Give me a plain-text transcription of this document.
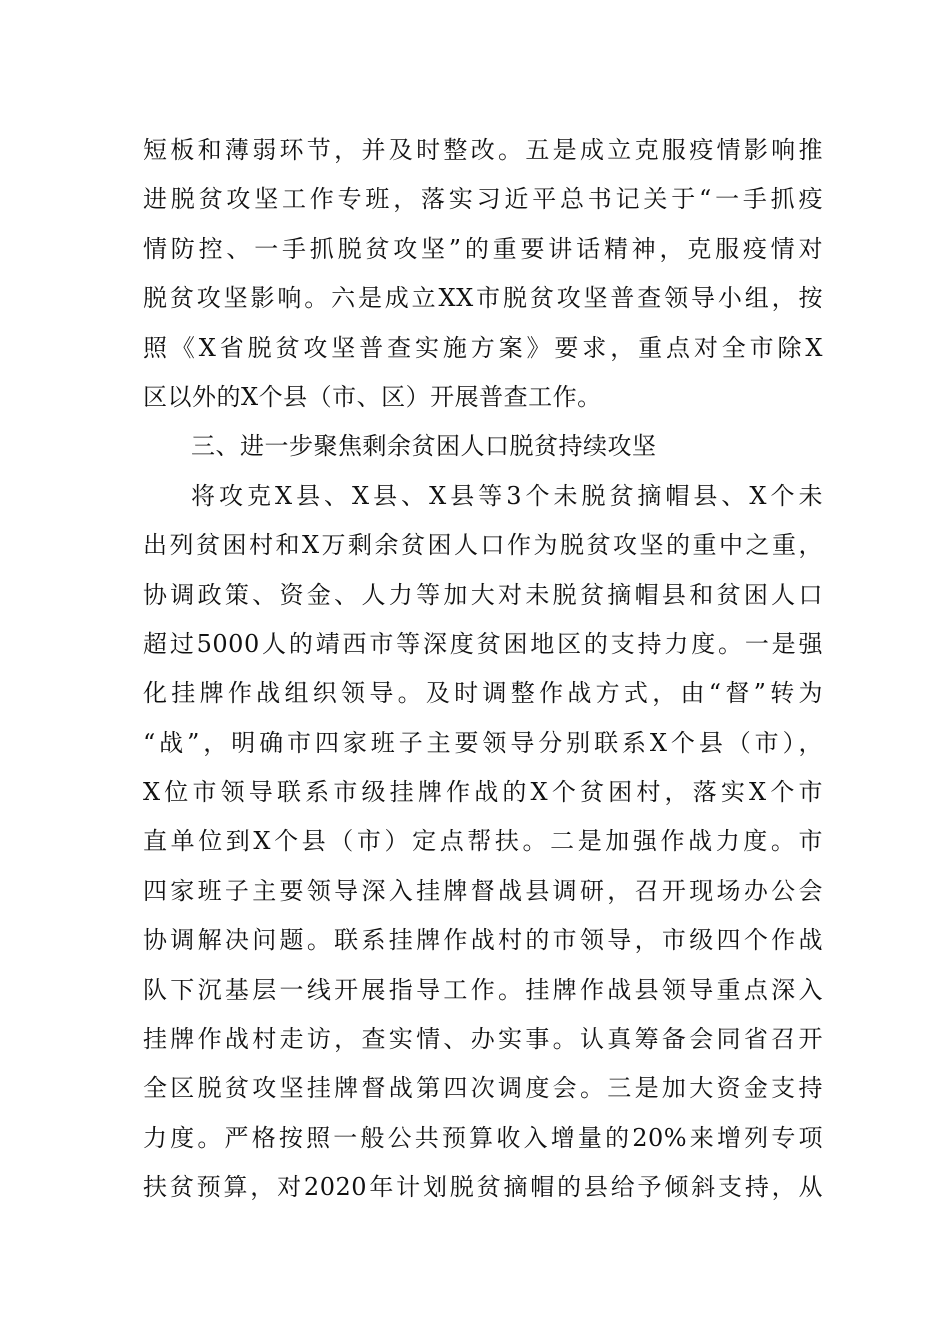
短板和薄弱环节，并及时整改。五是成立克服疫情影响推
进脱贫攻坚工作专班，落实习近平总书记关于“一手抓疫
情防控、一手抓脱贫攻坚”的重要讲话精神，克服疫情对
脱贫攻坚影响。六是成立XX市脱贫攻坚普查领导小组，按
照《X省脱贫攻坚普查实施方案》要求，重点对全市除X
区以外的X个县（市、区）开展普查工作。
三、进一步聚焦剩余贫困人口脱贫持续攻坚
将攻克X县、X县、X县等3个未脱贫摘帽县、X个未
出列贫困村和X万剩余贫困人口作为脱贫攻坚的重中之重，
协调政策、资金、人力等加大对未脱贫摘帽县和贫困人口
超过5000人的靖西市等深度贫困地区的支持力度。一是强
化挂牌作战组织领导。及时调整作战方式，由“督”转为
“战”，明确市四家班子主要领导分别联系X个县（市），
X位市领导联系市级挂牌作战的X个贫困村，落实X个市
直单位到X个县（市）定点帮扶。二是加强作战力度。市
四家班子主要领导深入挂牌督战县调研，召开现场办公会
协调解决问题。联系挂牌作战村的市领导，市级四个作战
队下沉基层一线开展指导工作。挂牌作战县领导重点深入
挂牌作战村走访，查实情、办实事。认真筹备会同省召开
全区脱贫攻坚挂牌督战第四次调度会。三是加大资金支持
力度。严格按照一般公共预算收入增量的20%来增列专项
扶贫预算，对2020年计划脱贫摘帽的县给予倾斜支持，从
